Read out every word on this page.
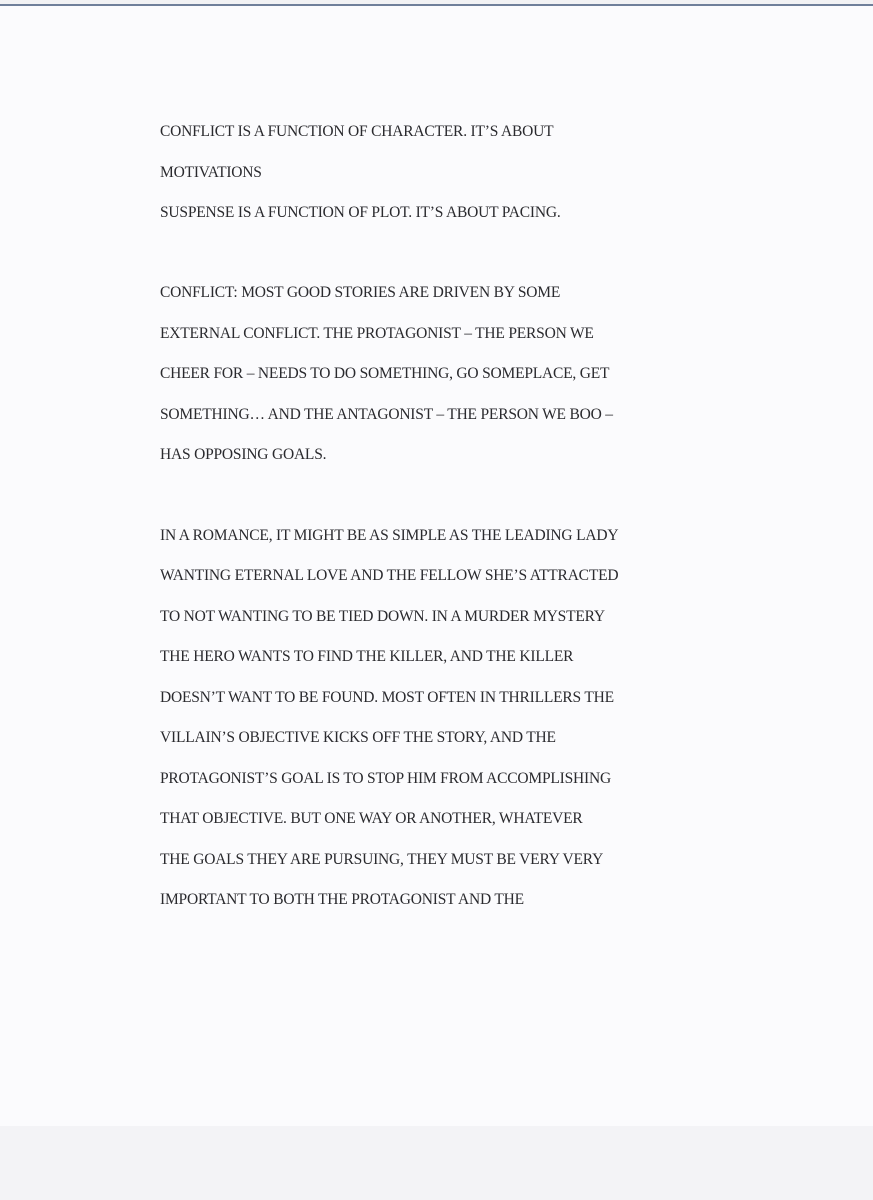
CONFLICT IS A FUNCTION OF CHARACTER. IT’S ABOUT
MOTIVATIONS
SUSPENSE IS A FUNCTION OF PLOT. IT’S ABOUT PACING.
CONFLICT: MOST GOOD STORIES ARE DRIVEN BY SOME
EXTERNAL CONFLICT. THE PROTAGONIST – THE PERSON WE
CHEER FOR – NEEDS TO DO SOMETHING, GO SOMEPLACE, GET
SOMETHING… AND THE ANTAGONIST – THE PERSON WE BOO –
HAS OPPOSING GOALS.
IN A ROMANCE, IT MIGHT BE AS SIMPLE AS THE LEADING LADY
WANTING ETERNAL LOVE AND THE FELLOW SHE’S ATTRACTED
TO NOT WANTING TO BE TIED DOWN. IN A MURDER MYSTERY
THE HERO WANTS TO FIND THE KILLER, AND THE KILLER
DOESN’T WANT TO BE FOUND. MOST OFTEN IN THRILLERS THE
VILLAIN’S OBJECTIVE KICKS OFF THE STORY, AND THE
PROTAGONIST’S GOAL IS TO STOP HIM FROM ACCOMPLISHING
THAT OBJECTIVE. BUT ONE WAY OR ANOTHER, WHATEVER
THE GOALS THEY ARE PURSUING, THEY MUST BE VERY VERY
IMPORTANT TO BOTH THE PROTAGONIST AND THE
